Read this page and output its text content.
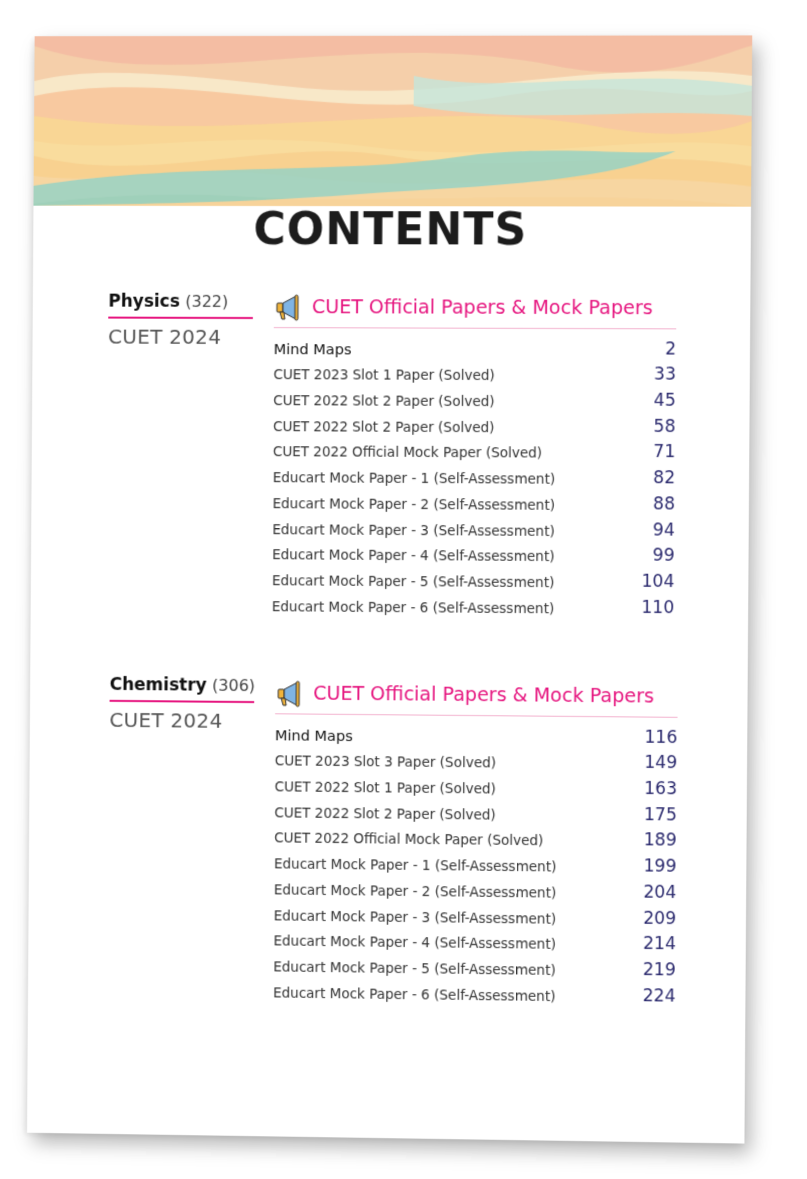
CONTENTS
Physics (322)
CUET 2024
CUET Official Papers & Mock Papers
Mind Maps	2
CUET 2023 Slot 1 Paper (Solved)	33
CUET 2022 Slot 2 Paper (Solved)	45
CUET 2022 Slot 2 Paper (Solved)	58
CUET 2022 Official Mock Paper (Solved)	71
Educart Mock Paper - 1 (Self-Assessment)	82
Educart Mock Paper - 2 (Self-Assessment)	88
Educart Mock Paper - 3 (Self-Assessment)	94
Educart Mock Paper - 4 (Self-Assessment)	99
Educart Mock Paper - 5 (Self-Assessment)	104
Educart Mock Paper - 6 (Self-Assessment)	110
Chemistry (306)
CUET 2024
CUET Official Papers & Mock Papers
Mind Maps	116
CUET 2023 Slot 3 Paper (Solved)	149
CUET 2022 Slot 1 Paper (Solved)	163
CUET 2022 Slot 2 Paper (Solved)	175
CUET 2022 Official Mock Paper (Solved)	189
Educart Mock Paper - 1 (Self-Assessment)	199
Educart Mock Paper - 2 (Self-Assessment)	204
Educart Mock Paper - 3 (Self-Assessment)	209
Educart Mock Paper - 4 (Self-Assessment)	214
Educart Mock Paper - 5 (Self-Assessment)	219
Educart Mock Paper - 6 (Self-Assessment)	224
